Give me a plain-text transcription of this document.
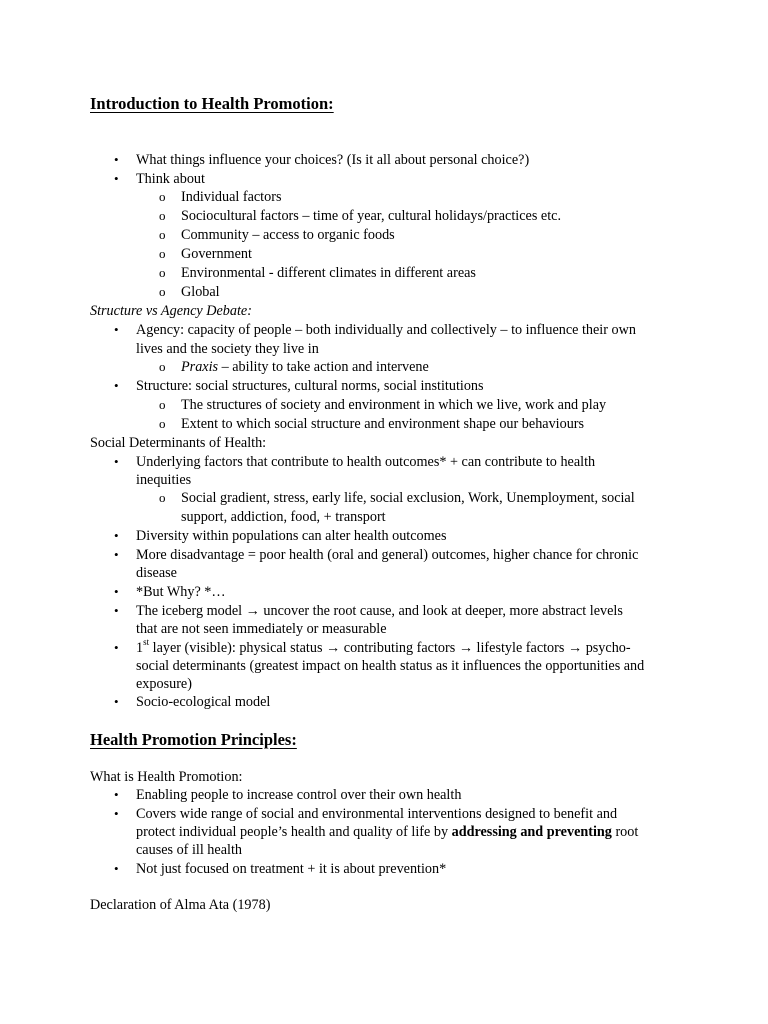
Introduction to Health Promotion:
• What things influence your choices? (Is it all about personal choice?)
• Think about
o Individual factors
o Sociocultural factors – time of year, cultural holidays/practices etc.
o Community – access to organic foods
o Government
o Environmental - different climates in different areas
o Global
Structure vs Agency Debate:
• Agency: capacity of people – both individually and collectively – to influence their own
lives and the society they live in
o Praxis – ability to take action and intervene
• Structure: social structures, cultural norms, social institutions
o The structures of society and environment in which we live, work and play
o Extent to which social structure and environment shape our behaviours
Social Determinants of Health:
• Underlying factors that contribute to health outcomes* + can contribute to health
inequities
o Social gradient, stress, early life, social exclusion, Work, Unemployment, social
support, addiction, food, + transport
• Diversity within populations can alter health outcomes
• More disadvantage = poor health (oral and general) outcomes, higher chance for chronic
disease
• *But Why? *…
• The iceberg model → uncover the root cause, and look at deeper, more abstract levels
that are not seen immediately or measurable
• 1st layer (visible): physical status → contributing factors → lifestyle factors → psycho-
social determinants (greatest impact on health status as it influences the opportunities and
exposure)
• Socio-ecological model
Health Promotion Principles:
What is Health Promotion:
• Enabling people to increase control over their own health
• Covers wide range of social and environmental interventions designed to benefit and
protect individual people’s health and quality of life by addressing and preventing root
causes of ill health
• Not just focused on treatment + it is about prevention*
Declaration of Alma Ata (1978)
